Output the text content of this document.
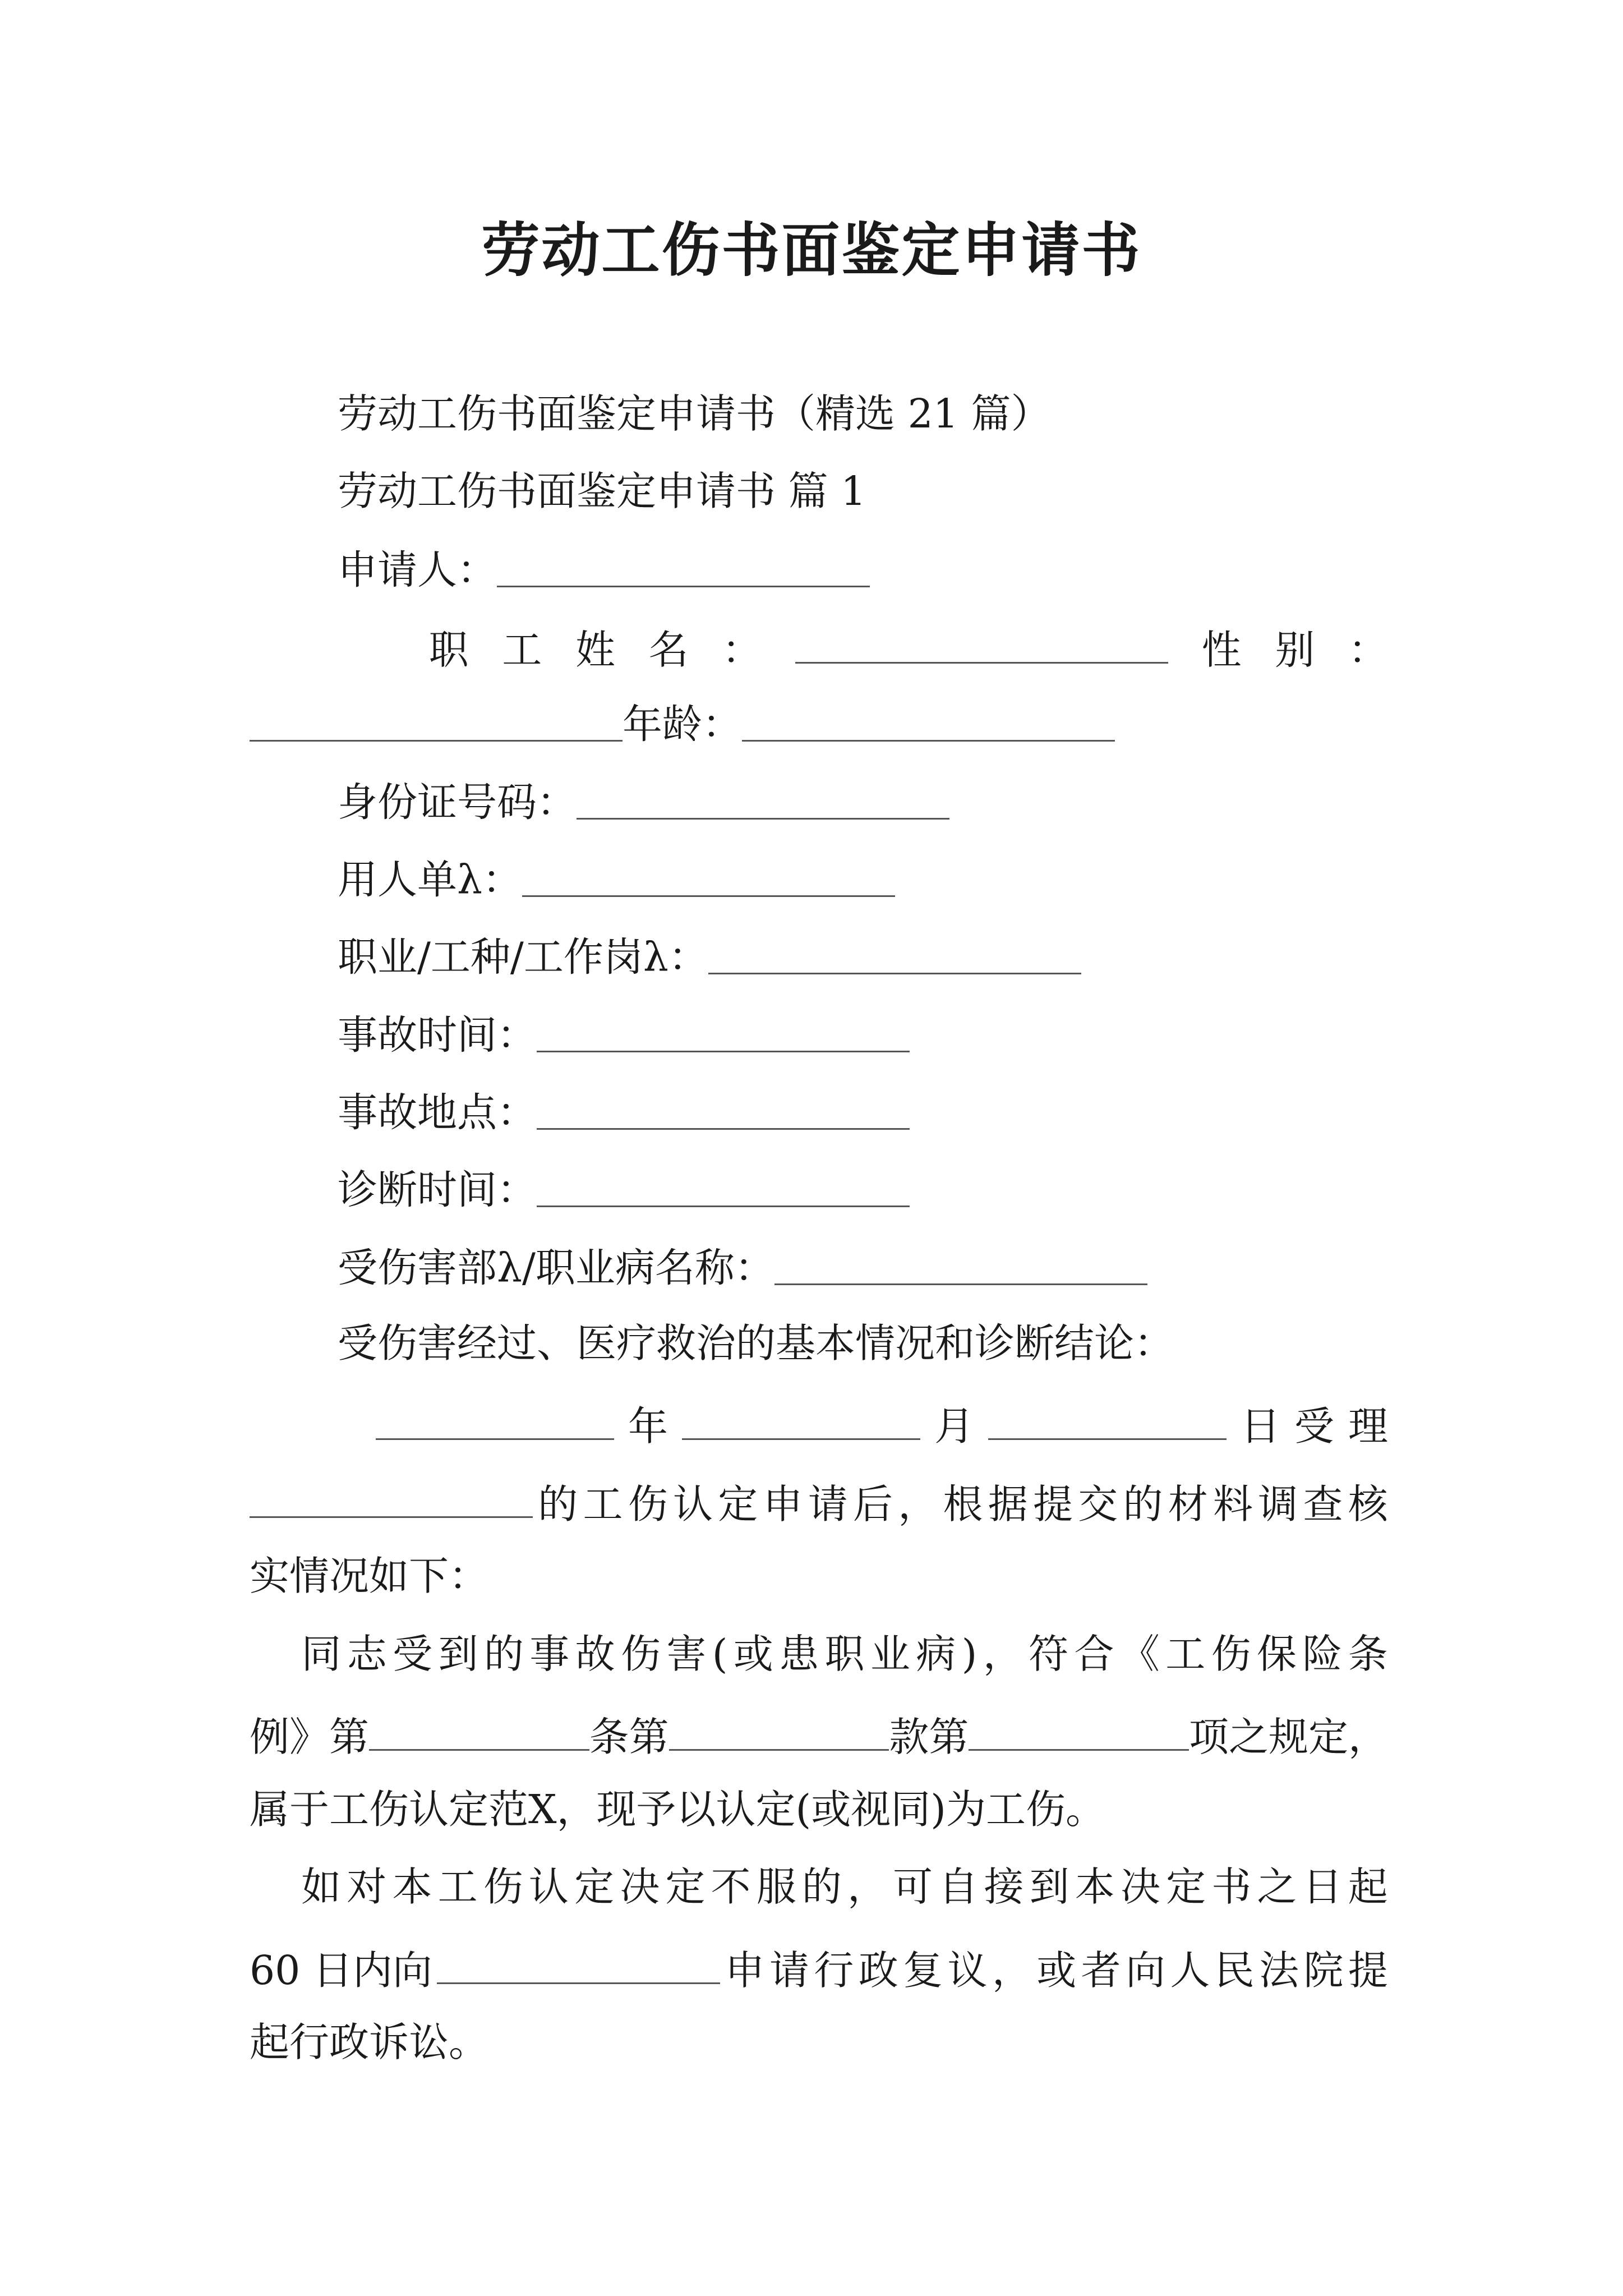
劳动工伤书面鉴定申请书
劳动工伤书面鉴定申请书（精选 21 篇）
劳动工伤书面鉴定申请书 篇 1
申请人：
职 工 姓 名 ：	性 别 ：
年龄：
身份证号码：
用人单λ：
职业/工种/工作岗λ：
事故时间：
事故地点：
诊断时间：
受伤害部λ/职业病名称：
受伤害经过、医疗救治的基本情况和诊断结论：
年	月	日 受 理
的 工 伤 认 定 申 请 后 ， 根 据 提 交 的 材 料 调 查 核
实情况如下：
同 志 受 到 的 事 故 伤 害 ( 或 患 职 业 病 ) ， 符 合 《 工 伤 保 险 条
例》第	条第	款第	项之规定，
属于工伤认定范Χ，现予以认定(或视同)为工伤。
如 对 本 工 伤 认 定 决 定 不 服 的 ， 可 自 接 到 本 决 定 书 之 日 起
60 日内向	申 请 行 政 复 议 ， 或 者 向 人 民 法 院 提
起行政诉讼。
